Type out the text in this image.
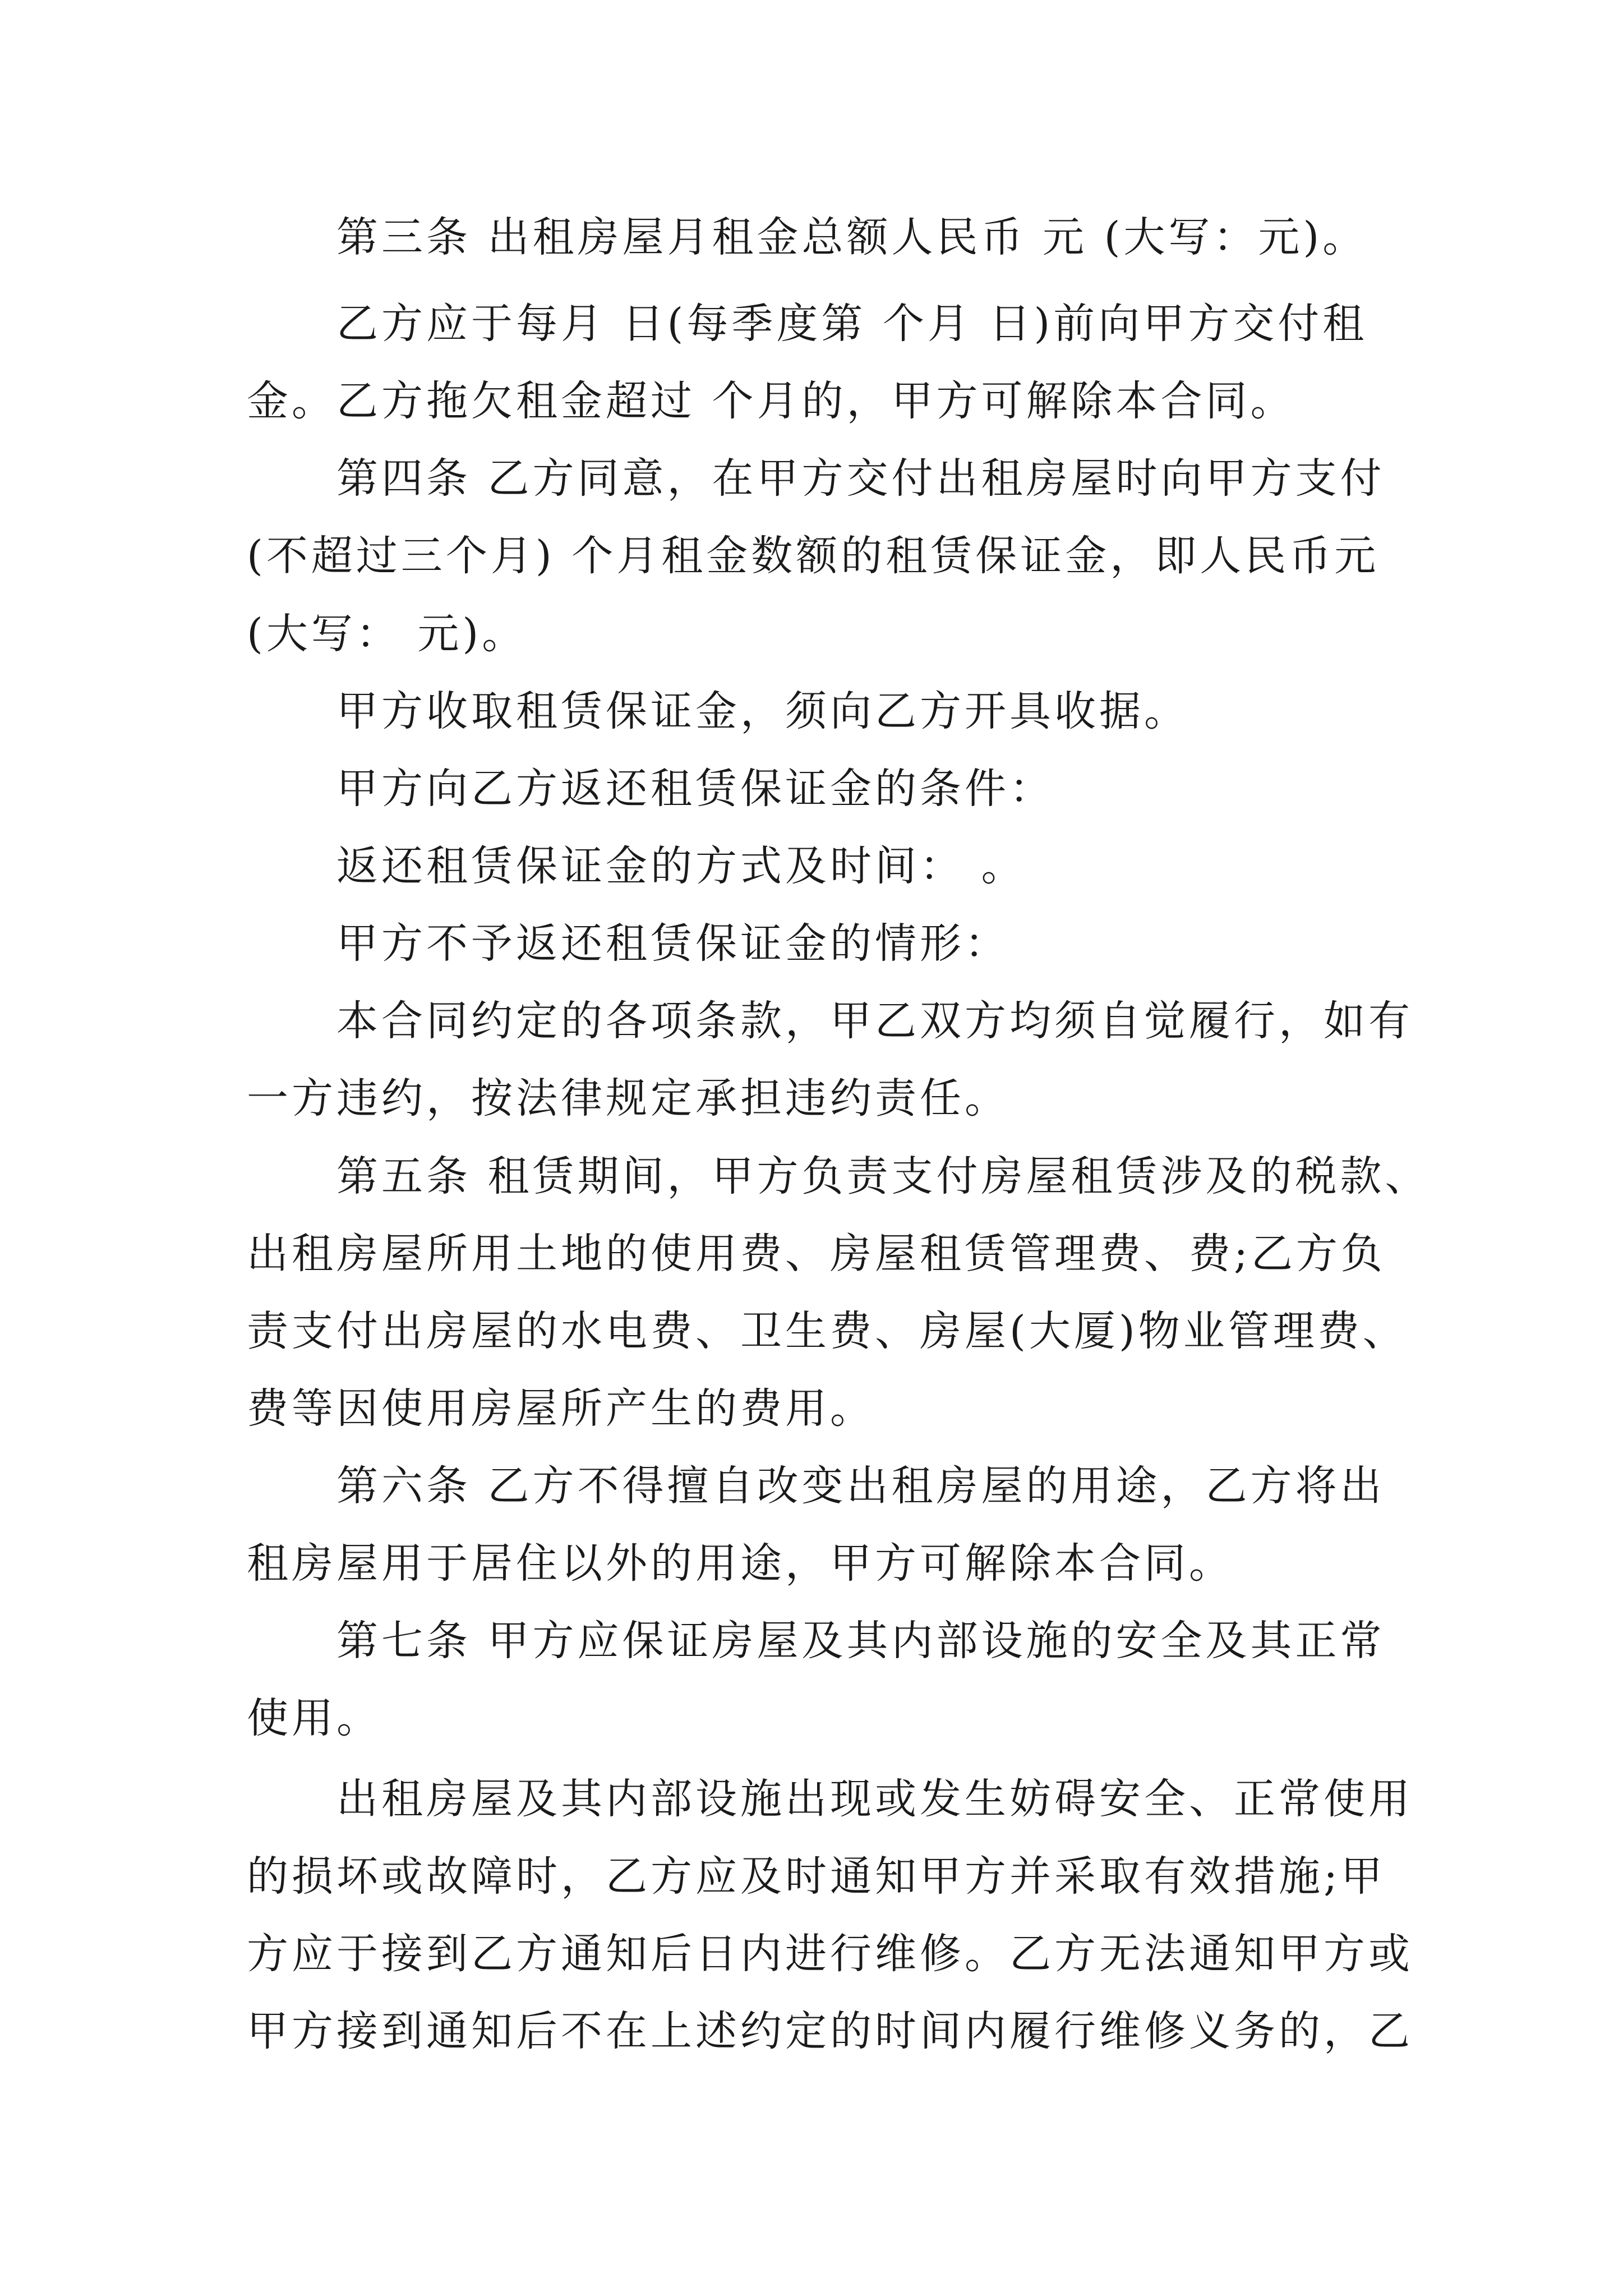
第三条 出租房屋月租金总额人民币 元 (大写：元)。
乙方应于每月 日(每季度第 个月 日)前向甲方交付租
金。乙方拖欠租金超过 个月的，甲方可解除本合同。
第四条 乙方同意，在甲方交付出租房屋时向甲方支付
(不超过三个月) 个月租金数额的租赁保证金，即人民币元
(大写： 元)。
甲方收取租赁保证金，须向乙方开具收据。
甲方向乙方返还租赁保证金的条件：
返还租赁保证金的方式及时间： 。
甲方不予返还租赁保证金的情形：
本合同约定的各项条款，甲乙双方均须自觉履行，如有
一方违约，按法律规定承担违约责任。
第五条 租赁期间，甲方负责支付房屋租赁涉及的税款、
出租房屋所用土地的使用费、房屋租赁管理费、费;乙方负
责支付出房屋的水电费、卫生费、房屋(大厦)物业管理费、
费等因使用房屋所产生的费用。
第六条 乙方不得擅自改变出租房屋的用途，乙方将出
租房屋用于居住以外的用途，甲方可解除本合同。
第七条 甲方应保证房屋及其内部设施的安全及其正常
使用。
出租房屋及其内部设施出现或发生妨碍安全、正常使用
的损坏或故障时，乙方应及时通知甲方并采取有效措施;甲
方应于接到乙方通知后日内进行维修。乙方无法通知甲方或
甲方接到通知后不在上述约定的时间内履行维修义务的，乙
